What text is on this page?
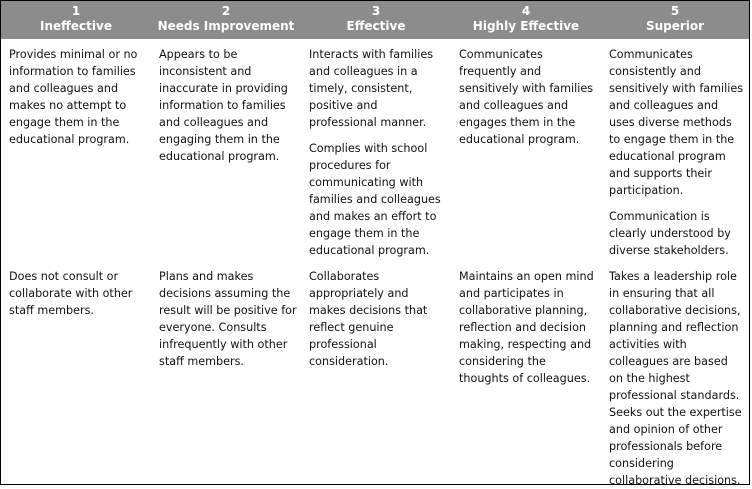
1
Ineffective
2
Needs Improvement
3
Effective
4
Highly Effective
5
Superior

Provides minimal or no information to families and colleagues and makes no attempt to engage them in the educational program.

Appears to be inconsistent and inaccurate in providing information to families and colleagues and engaging them in the educational program.

Interacts with families and colleagues in a timely, consistent, positive and professional manner.

Complies with school procedures for communicating with families and colleagues and makes an effort to engage them in the educational program.

Communicates frequently and sensitively with families and colleagues and engages them in the educational program.

Communicates consistently and sensitively with families and colleagues and uses diverse methods to engage them in the educational program and supports their participation.

Communication is clearly understood by diverse stakeholders.

Does not consult or collaborate with other staff members.

Plans and makes decisions assuming the result will be positive for everyone. Consults infrequently with other staff members.

Collaborates appropriately and makes decisions that reflect genuine professional consideration.

Maintains an open mind and participates in collaborative planning, reflection and decision making, respecting and considering the thoughts of colleagues.

Takes a leadership role in ensuring that all collaborative decisions, planning and reflection activities with colleagues are based on the highest professional standards. Seeks out the expertise and opinion of other professionals before considering collaborative decisions.
